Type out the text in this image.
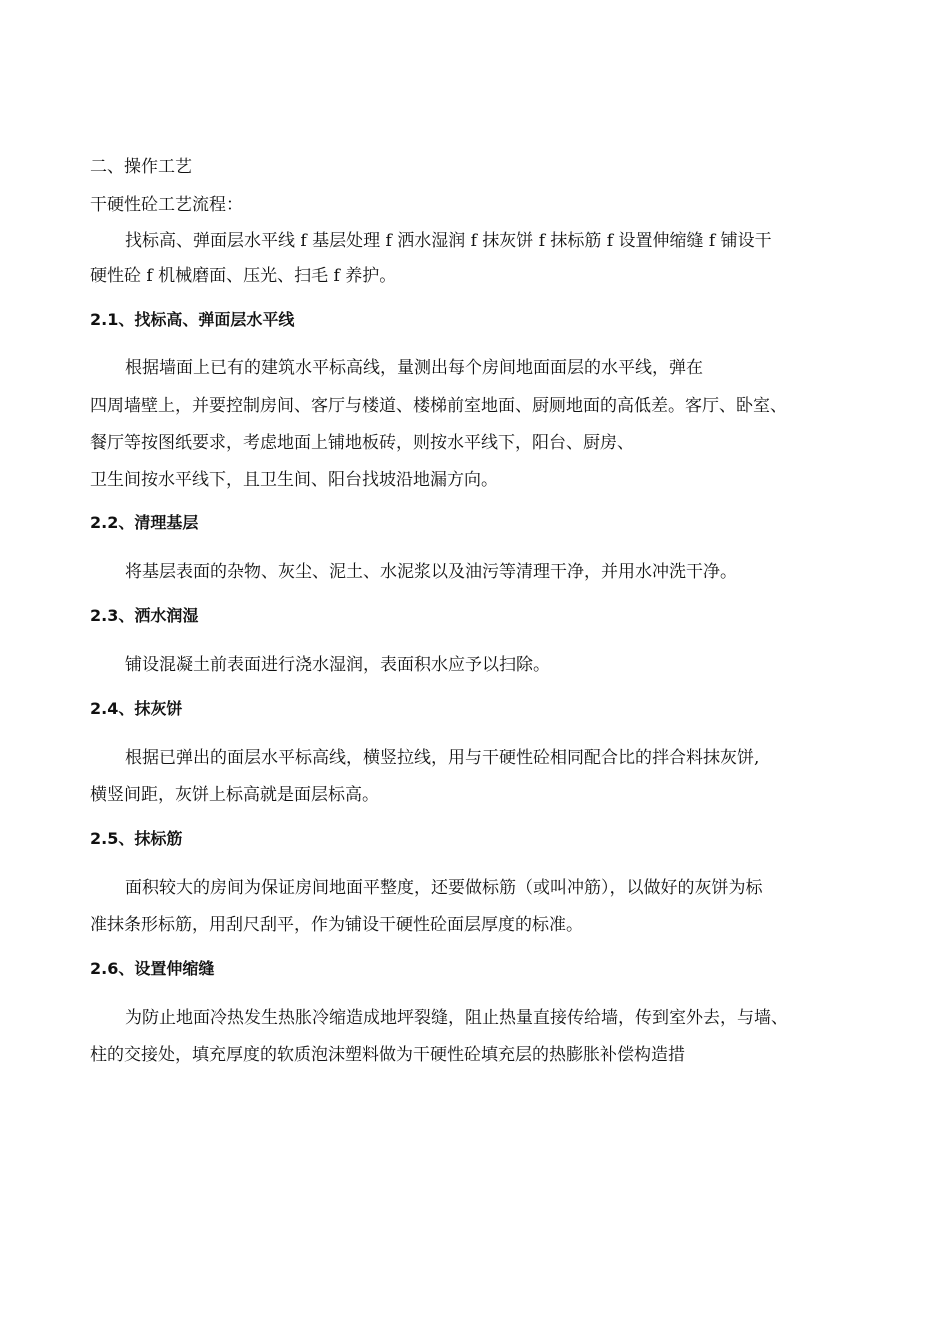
二、操作工艺
干硬性砼工艺流程：
找标高、弹面层水平线 f 基层处理 f 洒水湿润 f 抹灰饼 f 抹标筋 f 设置伸缩缝 f 铺设干
硬性砼 f 机械磨面、压光、扫毛 f 养护。
2.1、找标高、弹面层水平线
根据墙面上已有的建筑水平标高线，量测出每个房间地面面层的水平线，弹在
四周墙壁上，并要控制房间、客厅与楼道、楼梯前室地面、厨厕地面的高低差。客厅、卧室、
餐厅等按图纸要求，考虑地面上铺地板砖，则按水平线下，阳台、厨房、
卫生间按水平线下，且卫生间、阳台找坡沿地漏方向。
2.2、清理基层
将基层表面的杂物、灰尘、泥土、水泥浆以及油污等清理干净，并用水冲洗干净。
2.3、洒水润湿
铺设混凝土前表面进行浇水湿润，表面积水应予以扫除。
2.4、抹灰饼
根据已弹出的面层水平标高线，横竖拉线，用与干硬性砼相同配合比的拌合料抹灰饼,
横竖间距，灰饼上标高就是面层标高。
2.5、抹标筋
面积较大的房间为保证房间地面平整度，还要做标筋（或叫冲筋），以做好的灰饼为标
准抹条形标筋，用刮尺刮平，作为铺设干硬性砼面层厚度的标准。
2.6、设置伸缩缝
为防止地面冷热发生热胀冷缩造成地坪裂缝，阻止热量直接传给墙，传到室外去，与墙、
柱的交接处，填充厚度的软质泡沫塑料做为干硬性砼填充层的热膨胀补偿构造措
